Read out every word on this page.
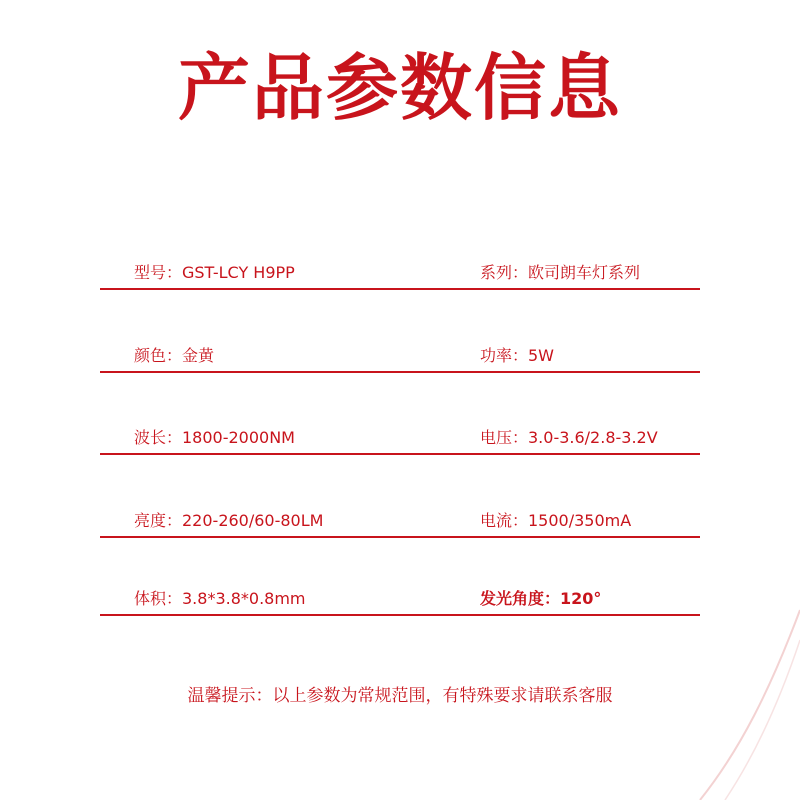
产品参数信息
型号：GST-LCY H9PP	系列：欧司朗车灯系列
颜色：金黄	功率：5W
波长：1800-2000NM	电压：3.0-3.6/2.8-3.2V
亮度：220-260/60-80LM	电流：1500/350mA
体积：3.8*3.8*0.8mm	发光角度：120°
温馨提示：以上参数为常规范围，有特殊要求请联系客服
